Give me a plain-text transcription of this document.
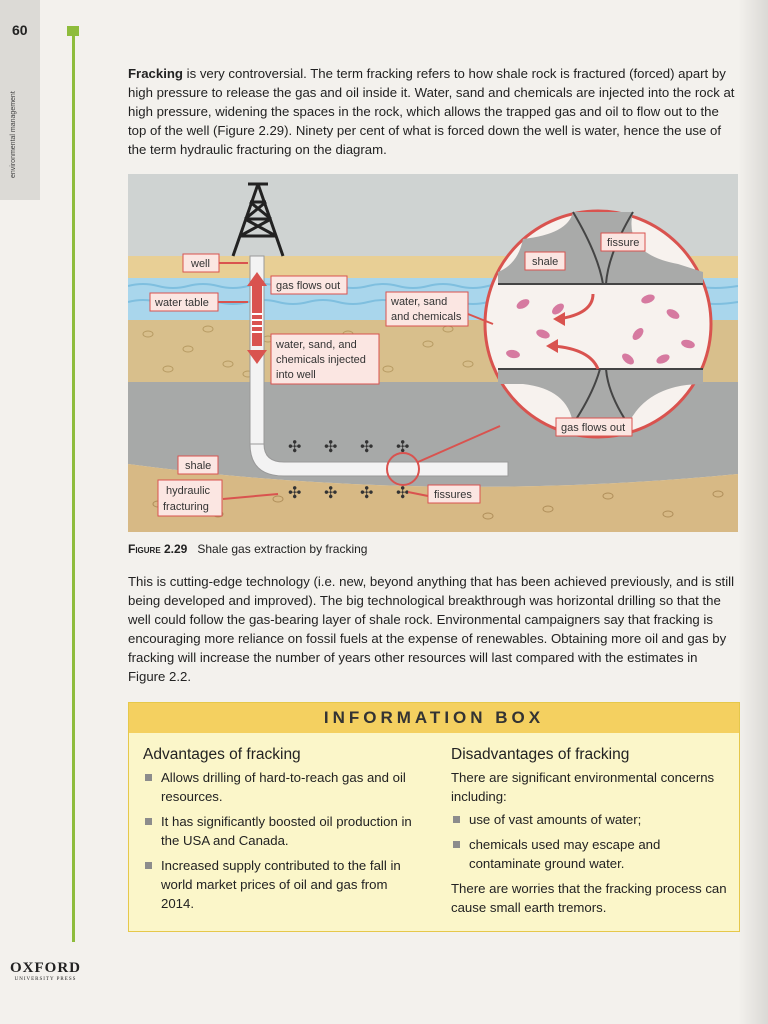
60
environmental management
Fracking is very controversial. The term fracking refers to how shale rock is fractured (forced) apart by high pressure to release the gas and oil inside it. Water, sand and chemicals are injected into the rock at high pressure, widening the spaces in the rock, which allows the trapped gas and oil to flow out to the top of the well (Figure 2.29). Ninety per cent of what is forced down the well is water, hence the use of the term hydraulic fracturing on the diagram.
✣ ✣ ✣ ✣
✣ ✣ ✣ ✣
well
gas flows out
water table	water, sand
and chemicals
water, sand, and
chemicals injected
into well
shale
hydraulic
fracturing
fissures
shale
fissure
gas flows out
Figure 2.29 Shale gas extraction by fracking
This is cutting-edge technology (i.e. new, beyond anything that has been achieved previously, and is still being developed and improved). The big technological breakthrough was horizontal drilling so that the well could follow the gas-bearing layer of shale rock. Environmental campaigners say that fracking is encouraging more reliance on fossil fuels at the expense of renewables. Obtaining more oil and gas by fracking will increase the number of years other resources will last compared with the estimates in Figure 2.2.
INFORMATION BOX
Advantages of fracking
Allows drilling of hard-to-reach gas and oil resources.
It has significantly boosted oil production in the USA and Canada.
Increased supply contributed to the fall in world market prices of oil and gas from 2014.
Disadvantages of fracking

There are significant environmental concerns including:

use of vast amounts of water;
chemicals used may escape and contaminate ground water.

There are worries that the fracking process can cause small earth tremors.

OXFORD
UNIVERSITY PRESS
